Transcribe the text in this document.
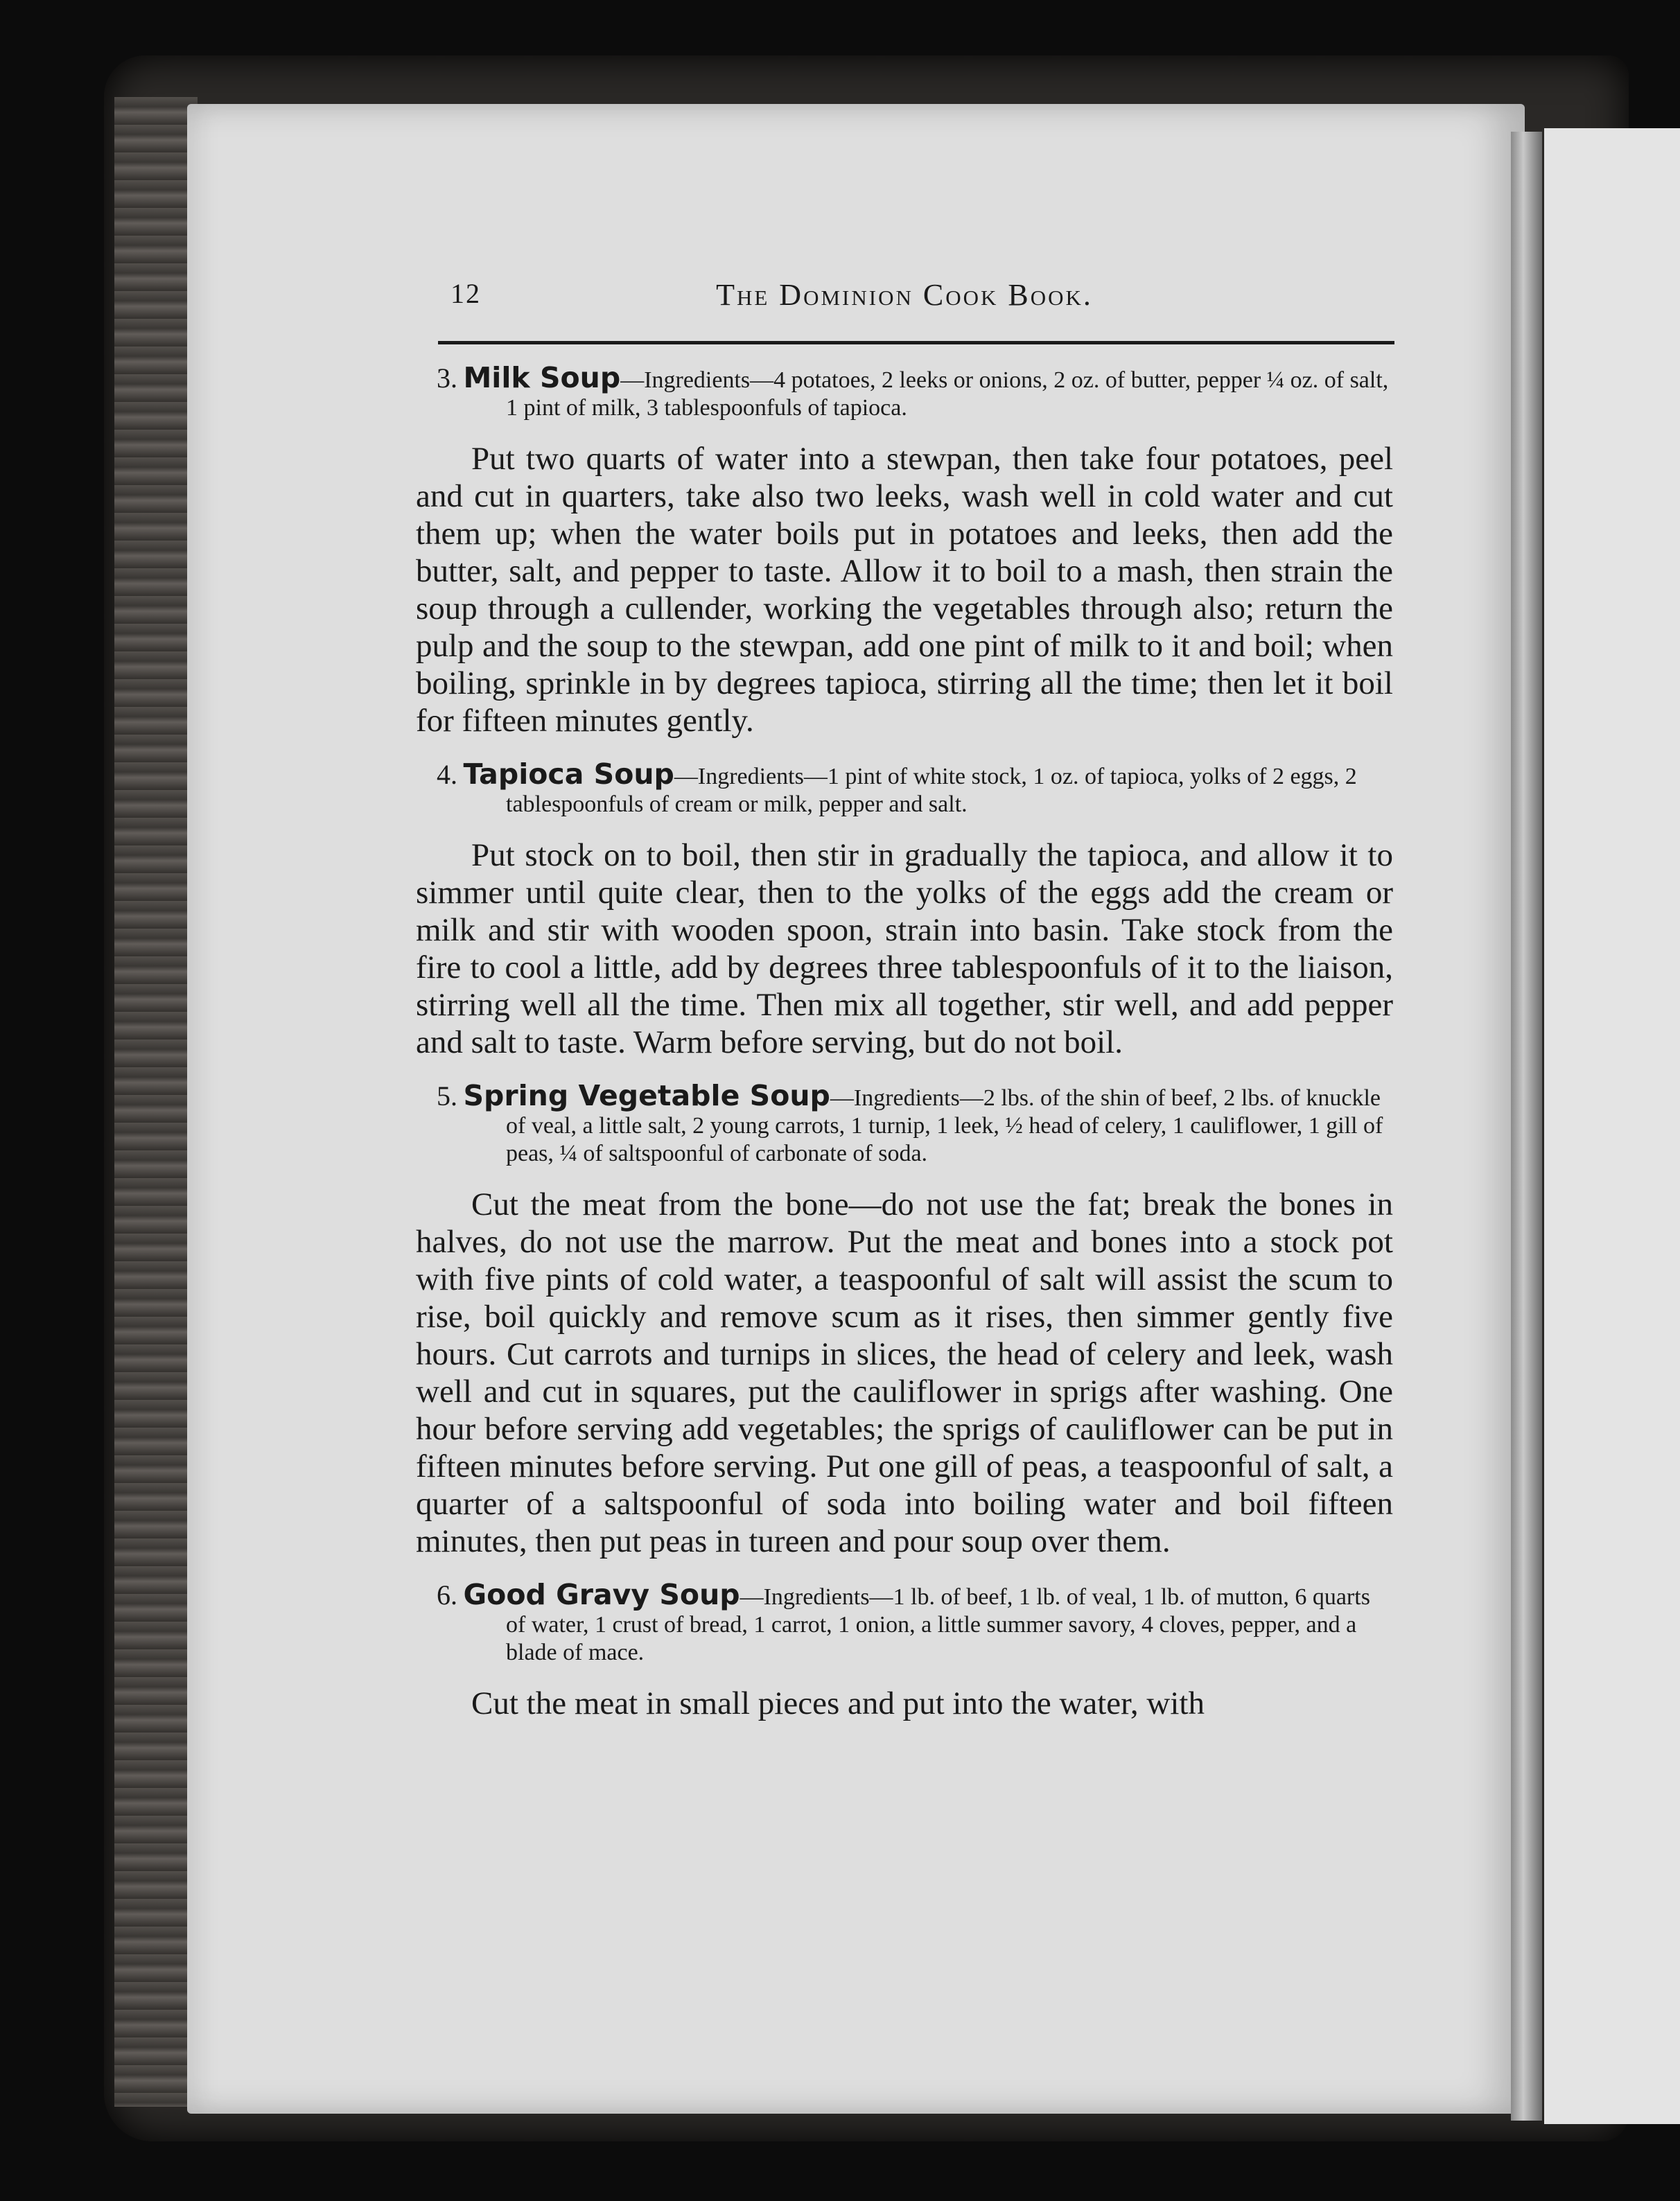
12	The Dominion Cook Book.
3. Milk Soup—Ingredients—4 potatoes, 2 leeks or onions, 2 oz. of butter, pepper ¼ oz. of salt, 1 pint of milk, 3 tablespoonfuls of tapioca.

Put two quarts of water into a stewpan, then take four potatoes, peel and cut in quarters, take also two leeks, wash well in cold water and cut them up; when the water boils put in potatoes and leeks, then add the butter, salt, and pepper to taste. Allow it to boil to a mash, then strain the soup through a cullender, working the vegetables through also; return the pulp and the soup to the stewpan, add one pint of milk to it and boil; when boiling, sprinkle in by degrees tapioca, stirring all the time; then let it boil for fifteen minutes gently.

4. Tapioca Soup—Ingredients—1 pint of white stock, 1 oz. of tapioca, yolks of 2 eggs, 2 tablespoonfuls of cream or milk, pepper and salt.

Put stock on to boil, then stir in gradually the tapioca, and allow it to simmer until quite clear, then to the yolks of the eggs add the cream or milk and stir with wooden spoon, strain into basin. Take stock from the fire to cool a little, add by degrees three tablespoonfuls of it to the liaison, stirring well all the time. Then mix all together, stir well, and add pepper and salt to taste. Warm before serving, but do not boil.

5. Spring Vegetable Soup—Ingredients—2 lbs. of the shin of beef, 2 lbs. of knuckle of veal, a little salt, 2 young carrots, 1 turnip, 1 leek, ½ head of celery, 1 cauliflower, 1 gill of peas, ¼ of saltspoonful of carbonate of soda.

Cut the meat from the bone—do not use the fat; break the bones in halves, do not use the marrow. Put the meat and bones into a stock pot with five pints of cold water, a teaspoonful of salt will assist the scum to rise, boil quickly and remove scum as it rises, then simmer gently five hours. Cut carrots and turnips in slices, the head of celery and leek, wash well and cut in squares, put the cauliflower in sprigs after washing. One hour before serving add vegetables; the sprigs of cauliflower can be put in fifteen minutes before serving. Put one gill of peas, a teaspoonful of salt, a quarter of a saltspoonful of soda into boiling water and boil fifteen minutes, then put peas in tureen and pour soup over them.

6. Good Gravy Soup—Ingredients—1 lb. of beef, 1 lb. of veal, 1 lb. of mutton, 6 quarts of water, 1 crust of bread, 1 carrot, 1 onion, a little summer savory, 4 cloves, pepper, and a blade of mace.

Cut the meat in small pieces and put into the water, with
